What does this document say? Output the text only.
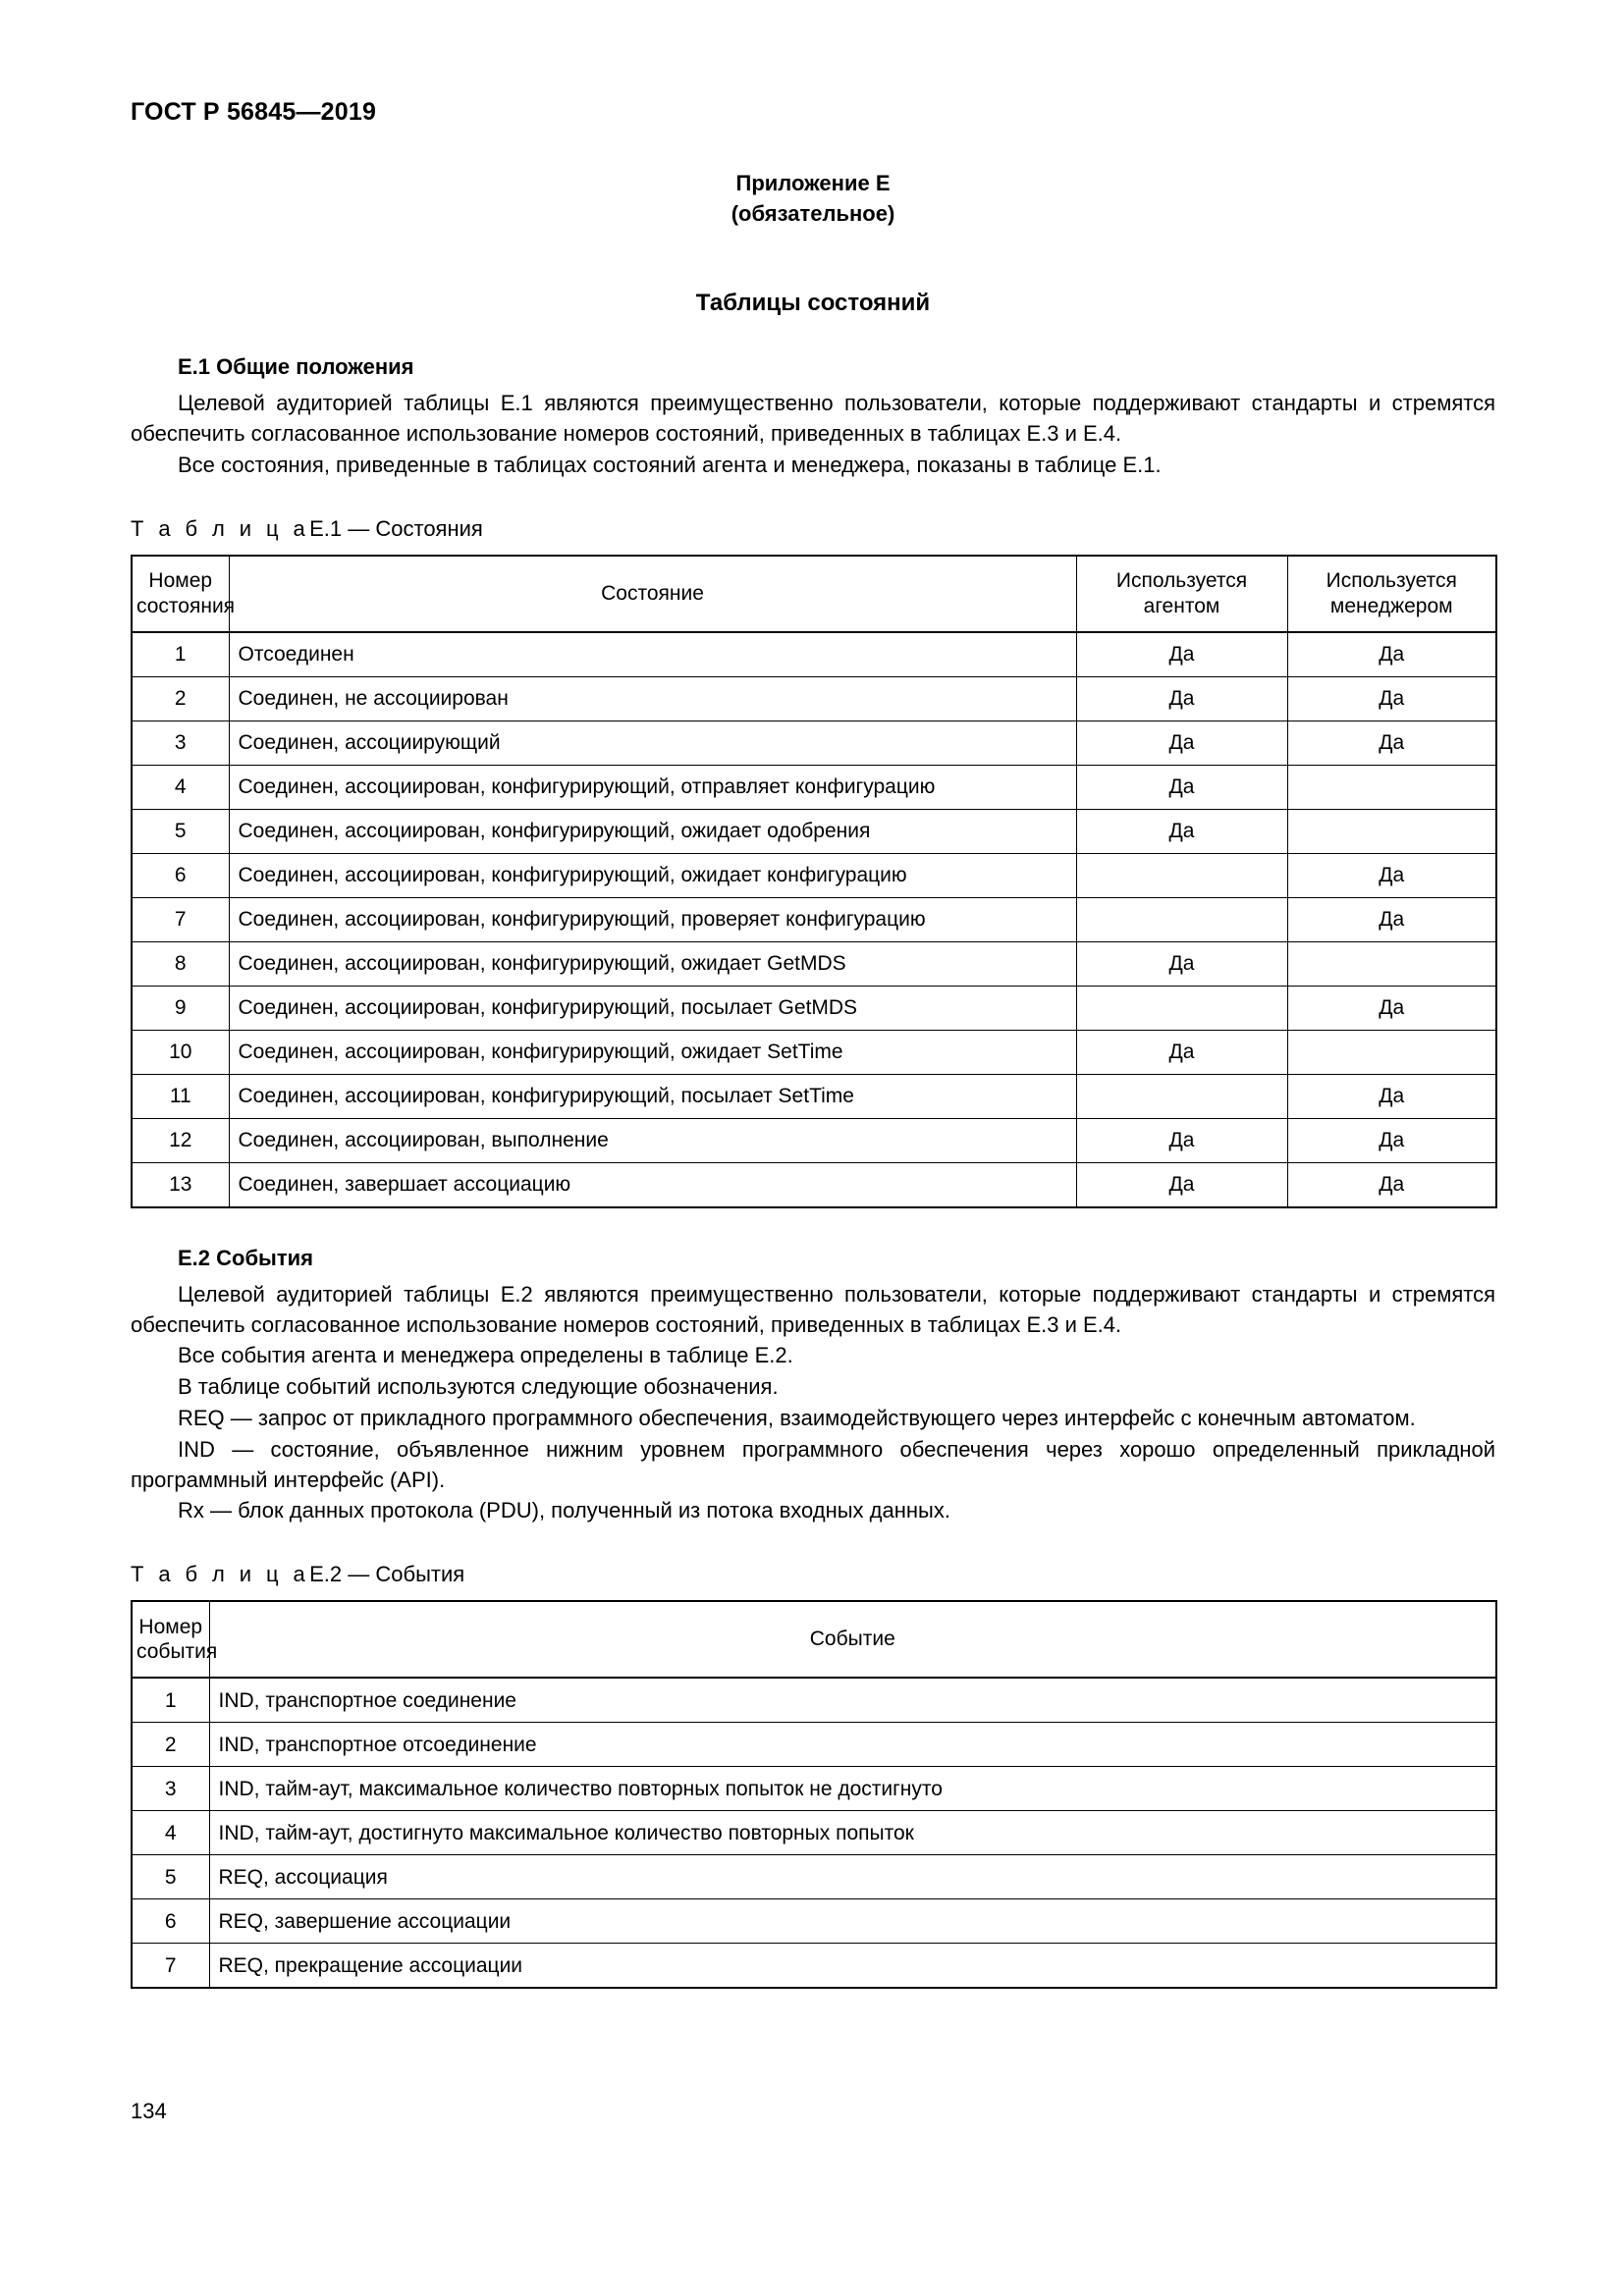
ГОСТ Р 56845—2019
Приложение Е
(обязательное)
Таблицы состояний
E.1 Общие положения
Целевой аудиторией таблицы Е.1 являются преимущественно пользователи, которые поддерживают стандарты и стремятся обеспечить согласованное использование номеров состояний, приведенных в таблицах Е.3 и Е.4.
Все состояния, приведенные в таблицах состояний агента и менеджера, показаны в таблице Е.1.
Т а б л и ц аЕ.1 — Состояния
Номер состояния	Состояние	Используется агентом	Используется менеджером
1	Отсоединен	Да	Да
2	Соединен, не ассоциирован	Да	Да
3	Соединен, ассоциирующий	Да	Да
4	Соединен, ассоциирован, конфигурирующий, отправляет конфигурацию	Да	
5	Соединен, ассоциирован, конфигурирующий, ожидает одобрения	Да	
6	Соединен, ассоциирован, конфигурирующий, ожидает конфигурацию		Да
7	Соединен, ассоциирован, конфигурирующий, проверяет конфигурацию		Да
8	Соединен, ассоциирован, конфигурирующий, ожидает GetMDS	Да	
9	Соединен, ассоциирован, конфигурирующий, посылает GetMDS		Да
10	Соединен, ассоциирован, конфигурирующий, ожидает SetTime	Да	
11	Соединен, ассоциирован, конфигурирующий, посылает SetTime		Да
12	Соединен, ассоциирован, выполнение	Да	Да
13	Соединен, завершает ассоциацию	Да	Да
E.2 События
Целевой аудиторией таблицы Е.2 являются преимущественно пользователи, которые поддерживают стандарты и стремятся обеспечить согласованное использование номеров состояний, приведенных в таблицах Е.3 и Е.4.
Все события агента и менеджера определены в таблице Е.2.
В таблице событий используются следующие обозначения.
REQ — запрос от прикладного программного обеспечения, взаимодействующего через интерфейс с конечным автоматом.
IND — состояние, объявленное нижним уровнем программного обеспечения через хорошо определенный прикладной программный интерфейс (API).
Rx — блок данных протокола (PDU), полученный из потока входных данных.
Т а б л и ц аЕ.2 — События
Номер события	Событие
1	IND, транспортное соединение
2	IND, транспортное отсоединение
3	IND, тайм-аут, максимальное количество повторных попыток не достигнуто
4	IND, тайм-аут, достигнуто максимальное количество повторных попыток
5	REQ, ассоциация
6	REQ, завершение ассоциации
7	REQ, прекращение ассоциации
134
